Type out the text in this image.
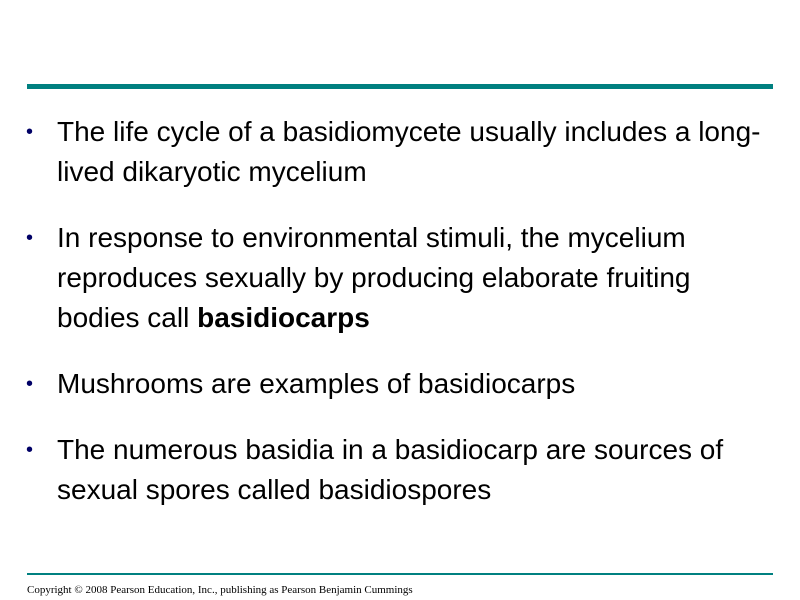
• The life cycle of a basidiomycete usually includes a long-lived dikaryotic mycelium
• In response to environmental stimuli, the mycelium reproduces sexually by producing elaborate fruiting bodies call basidiocarps
• Mushrooms are examples of basidiocarps
• The numerous basidia in a basidiocarp are sources of sexual spores called basidiospores
Copyright © 2008 Pearson Education, Inc., publishing as Pearson Benjamin Cummings
